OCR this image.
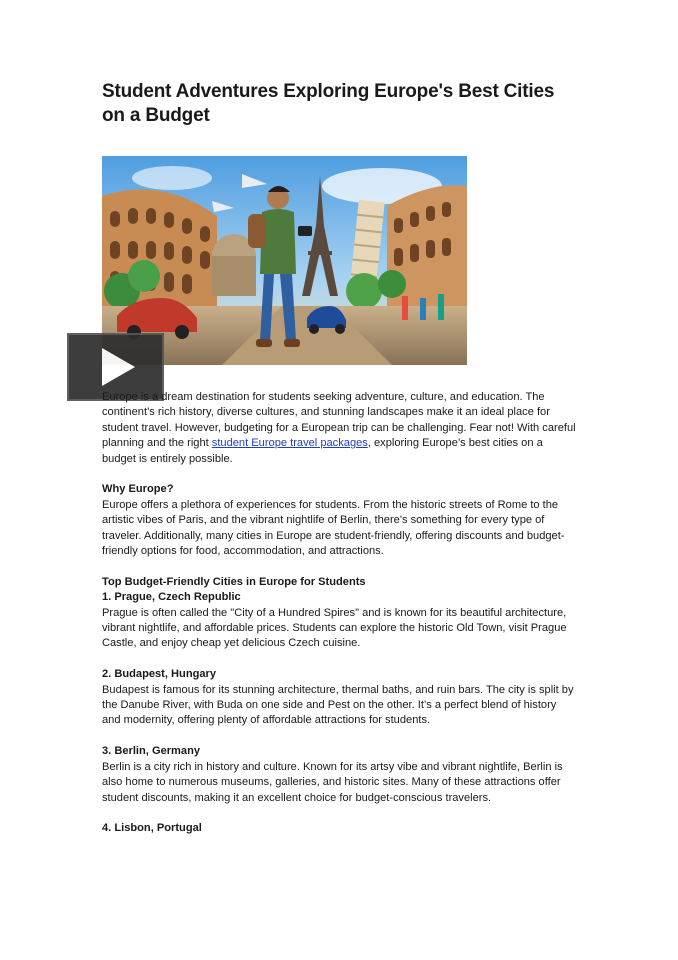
Student Adventures Exploring Europe's Best Cities on a Budget

Europe is a dream destination for students seeking adventure, culture, and education. The continent’s rich history, diverse cultures, and stunning landscapes make it an ideal place for student travel. However, budgeting for a European trip can be challenging. Fear not! With careful planning and the right student Europe travel packages, exploring Europe’s best cities on a budget is entirely possible.

Why Europe?

Europe offers a plethora of experiences for students. From the historic streets of Rome to the artistic vibes of Paris, and the vibrant nightlife of Berlin, there's something for every type of traveler. Additionally, many cities in Europe are student-friendly, offering discounts and budget-friendly options for food, accommodation, and attractions.

Top Budget-Friendly Cities in Europe for Students

1. Prague, Czech Republic

Prague is often called the "City of a Hundred Spires" and is known for its beautiful architecture, vibrant nightlife, and affordable prices. Students can explore the historic Old Town, visit Prague Castle, and enjoy cheap yet delicious Czech cuisine.

2. Budapest, Hungary

Budapest is famous for its stunning architecture, thermal baths, and ruin bars. The city is split by the Danube River, with Buda on one side and Pest on the other. It’s a perfect blend of history and modernity, offering plenty of affordable attractions for students.

3. Berlin, Germany

Berlin is a city rich in history and culture. Known for its artsy vibe and vibrant nightlife, Berlin is also home to numerous museums, galleries, and historic sites. Many of these attractions offer student discounts, making it an excellent choice for budget-conscious travelers.

4. Lisbon, Portugal
